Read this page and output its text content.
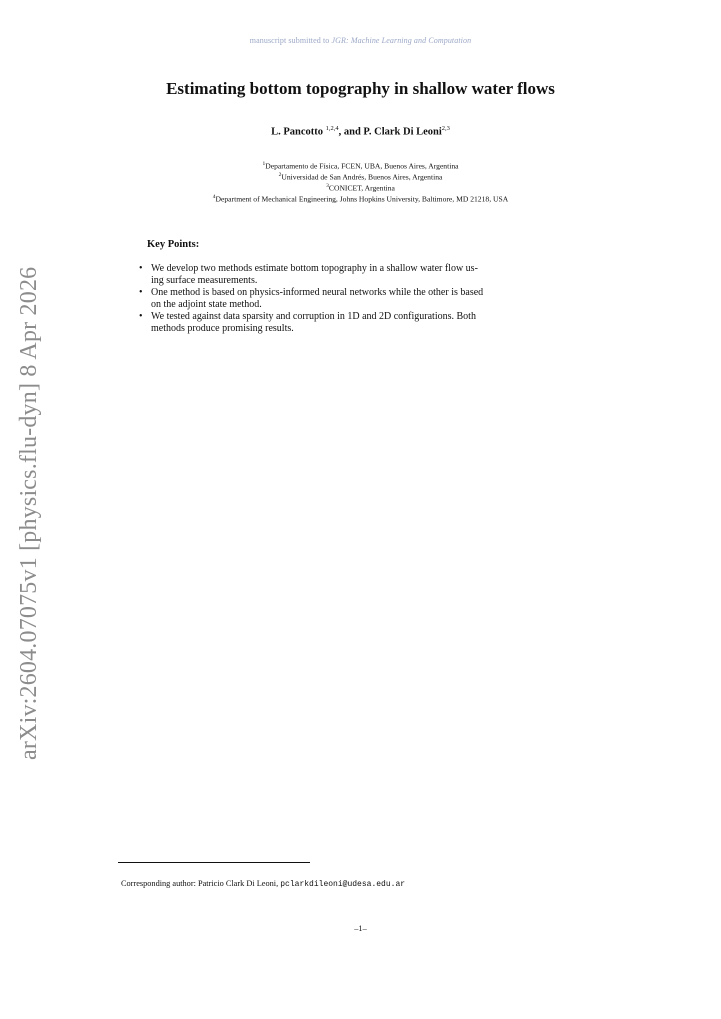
manuscript submitted to JGR: Machine Learning and Computation
arXiv:2604.07075v1 [physics.flu-dyn] 8 Apr 2026
Estimating bottom topography in shallow water flows
L. Pancotto $^{1,2,4}$, and P. Clark Di Leoni$^{2,3}$
$^1$Departamento de Física, FCEN, UBA, Buenos Aires, Argentina
$^2$Universidad de San Andrés, Buenos Aires, Argentina
$^3$CONICET, Argentina
$^4$Department of Mechanical Engineering, Johns Hopkins University, Baltimore, MD 21218, USA
Key Points:
• We develop two methods estimate bottom topography in a shallow water flow us-
ing surface measurements.
• One method is based on physics-informed neural networks while the other is based
on the adjoint state method.
• We tested against data sparsity and corruption in 1D and 2D configurations. Both
methods produce promising results.
Corresponding author: Patricio Clark Di Leoni, pclarkdileoni@udesa.edu.ar
–1–
